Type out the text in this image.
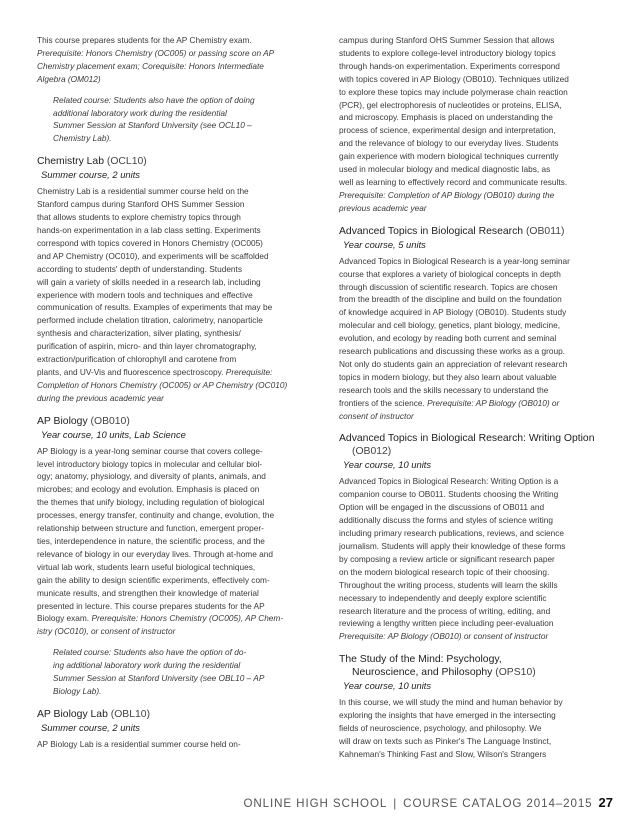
This course prepares students for the AP Chemistry exam.

Prerequisite: Honors Chemistry (OC005) or passing score on AP
Chemistry placement exam; Corequisite: Honors Intermediate
Algebra (OM012)

Related course: Students also have the option of doing
additional laboratory work during the residential
Summer Session at Stanford University (see OCL10 –
Chemistry Lab).

Chemistry Lab (OCL10)
Summer course, 2 units

Chemistry Lab is a residential summer course held on the
Stanford campus during Stanford OHS Summer Session
that allows students to explore chemistry topics through
hands-on experimentation in a lab class setting. Experiments
correspond with topics covered in Honors Chemistry (OC005)
and AP Chemistry (OC010), and experiments will be scaffolded
according to students' depth of understanding. Students
will gain a variety of skills needed in a research lab, including
experience with modern tools and techniques and effective
communication of results. Examples of experiments that may be
performed include chelation titration, calorimetry, nanoparticle
synthesis and characterization, silver plating, synthesis/
purification of aspirin, micro- and thin layer chromatography,
extraction/purification of chlorophyll and carotene from
plants, and UV-Vis and fluorescence spectroscopy. Prerequisite:
Completion of Honors Chemistry (OC005) or AP Chemistry (OC010)
during the previous academic year

AP Biology (OB010)
Year course, 10 units, Lab Science

AP Biology is a year-long seminar course that covers college-
level introductory biology topics in molecular and cellular biol-
ogy; anatomy, physiology, and diversity of plants, animals, and
microbes; and ecology and evolution. Emphasis is placed on
the themes that unify biology, including regulation of biological
processes, energy transfer, continuity and change, evolution, the
relationship between structure and function, emergent proper-
ties, interdependence in nature, the scientific process, and the
relevance of biology in our everyday lives. Through at-home and
virtual lab work, students learn useful biological techniques,
gain the ability to design scientific experiments, effectively com-
municate results, and strengthen their knowledge of material
presented in lecture. This course prepares students for the AP
Biology exam. Prerequisite: Honors Chemistry (OC005), AP Chem-
istry (OC010), or consent of instructor

Related course: Students also have the option of do-
ing additional laboratory work during the residential
Summer Session at Stanford University (see OBL10 – AP
Biology Lab).

AP Biology Lab (OBL10)
Summer course, 2 units

AP Biology Lab is a residential summer course held on-

campus during Stanford OHS Summer Session that allows
students to explore college-level introductory biology topics
through hands-on experimentation. Experiments correspond
with topics covered in AP Biology (OB010). Techniques utilized
to explore these topics may include polymerase chain reaction
(PCR), gel electrophoresis of nucleotides or proteins, ELISA,
and microscopy. Emphasis is placed on understanding the
process of science, experimental design and interpretation,
and the relevance of biology to our everyday lives. Students
gain experience with modern biological techniques currently
used in molecular biology and medical diagnostic labs, as
well as learning to effectively record and communicate results.
Prerequisite: Completion of AP Biology (OB010) during the
previous academic year

Advanced Topics in Biological Research (OB011)
Year course, 5 units

Advanced Topics in Biological Research is a year-long seminar
course that explores a variety of biological concepts in depth
through discussion of scientific research. Topics are chosen
from the breadth of the discipline and build on the foundation
of knowledge acquired in AP Biology (OB010). Students study
molecular and cell biology, genetics, plant biology, medicine,
evolution, and ecology by reading both current and seminal
research publications and discussing these works as a group.
Not only do students gain an appreciation of relevant research
topics in modern biology, but they also learn about valuable
research tools and the skills necessary to understand the
frontiers of the science. Prerequisite: AP Biology (OB010) or
consent of instructor

Advanced Topics in Biological Research: Writing Option

(OB012)
Year course, 10 units

Advanced Topics in Biological Research: Writing Option is a
companion course to OB011. Students choosing the Writing
Option will be engaged in the discussions of OB011 and
additionally discuss the forms and styles of science writing
including primary research publications, reviews, and science
journalism. Students will apply their knowledge of these forms
by composing a review article or significant research paper
on the modern biological research topic of their choosing.
Throughout the writing process, students will learn the skills
necessary to independently and deeply explore scientific
research literature and the process of writing, editing, and
reviewing a lengthy written piece including peer-evaluation
Prerequisite: AP Biology (OB010) or consent of instructor

The Study of the Mind: Psychology,

Neuroscience, and Philosophy (OPS10)
Year course, 10 units

In this course, we will study the mind and human behavior by
exploring the insights that have emerged in the intersecting
fields of neuroscience, psychology, and philosophy. We
will draw on texts such as Pinker's The Language Instinct,
Kahneman's Thinking Fast and Slow, Wilson's Strangers

ONLINE HIGH SCHOOL | COURSE CATALOG 2014–2015 27
